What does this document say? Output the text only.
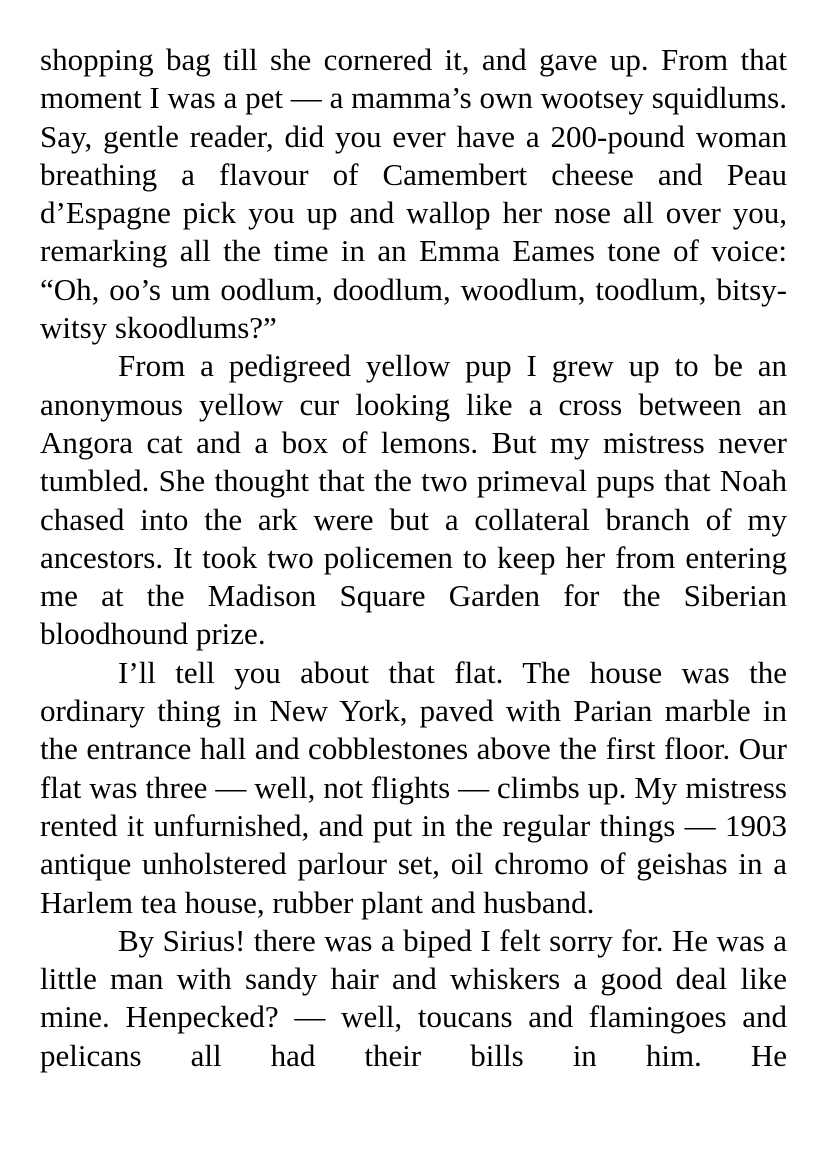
shopping bag till she cornered it, and gave up. From that moment I was a pet — a mamma’s own wootsey squidlums. Say, gentle reader, did you ever have a 200-pound woman breathing a flavour of Camembert cheese and Peau d’Espagne pick you up and wallop her nose all over you, remarking all the time in an Emma Eames tone of voice: “Oh, oo’s um oodlum, doodlum, woodlum, toodlum, bitsy-witsy skoodlums?”

From a pedigreed yellow pup I grew up to be an anonymous yellow cur looking like a cross between an Angora cat and a box of lemons. But my mistress never tumbled. She thought that the two primeval pups that Noah chased into the ark were but a collateral branch of my ancestors. It took two policemen to keep her from entering me at the Madison Square Garden for the Siberian bloodhound prize.

I’ll tell you about that flat. The house was the ordinary thing in New York, paved with Parian marble in the entrance hall and cobblestones above the first floor. Our flat was three — well, not flights — climbs up. My mistress rented it unfurnished, and put in the regular things — 1903 antique unholstered parlour set, oil chromo of geishas in a Harlem tea house, rubber plant and husband.

By Sirius! there was a biped I felt sorry for. He was a little man with sandy hair and whiskers a good deal like mine. Henpecked? — well, toucans and flamingoes and pelicans all had their bills in him. He
